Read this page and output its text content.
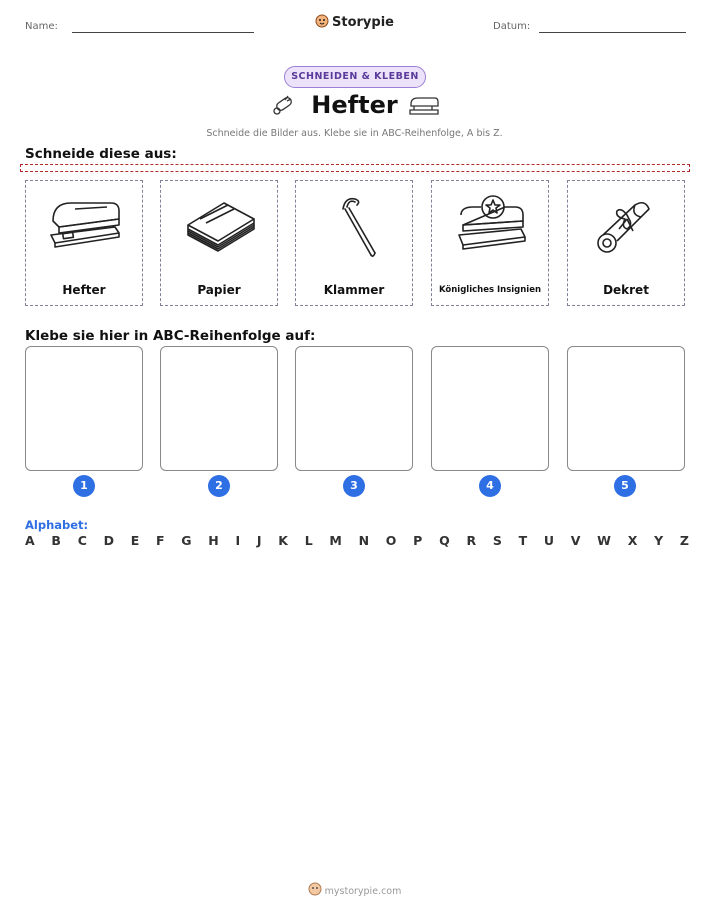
Name:	Storypie	Datum:
SCHNEIDEN & KLEBEN
Hefter
Schneide die Bilder aus. Klebe sie in ABC-Reihenfolge, A bis Z.
Schneide diese aus:
Hefter	Papier	Klammer	Königliches Insignien	Dekret
Klebe sie hier in ABC-Reihenfolge auf:
1	2	3	4	5
Alphabet:
A B C D E F G H I J K L M N O P Q R S T U V W X Y Z
mystorypie.com
